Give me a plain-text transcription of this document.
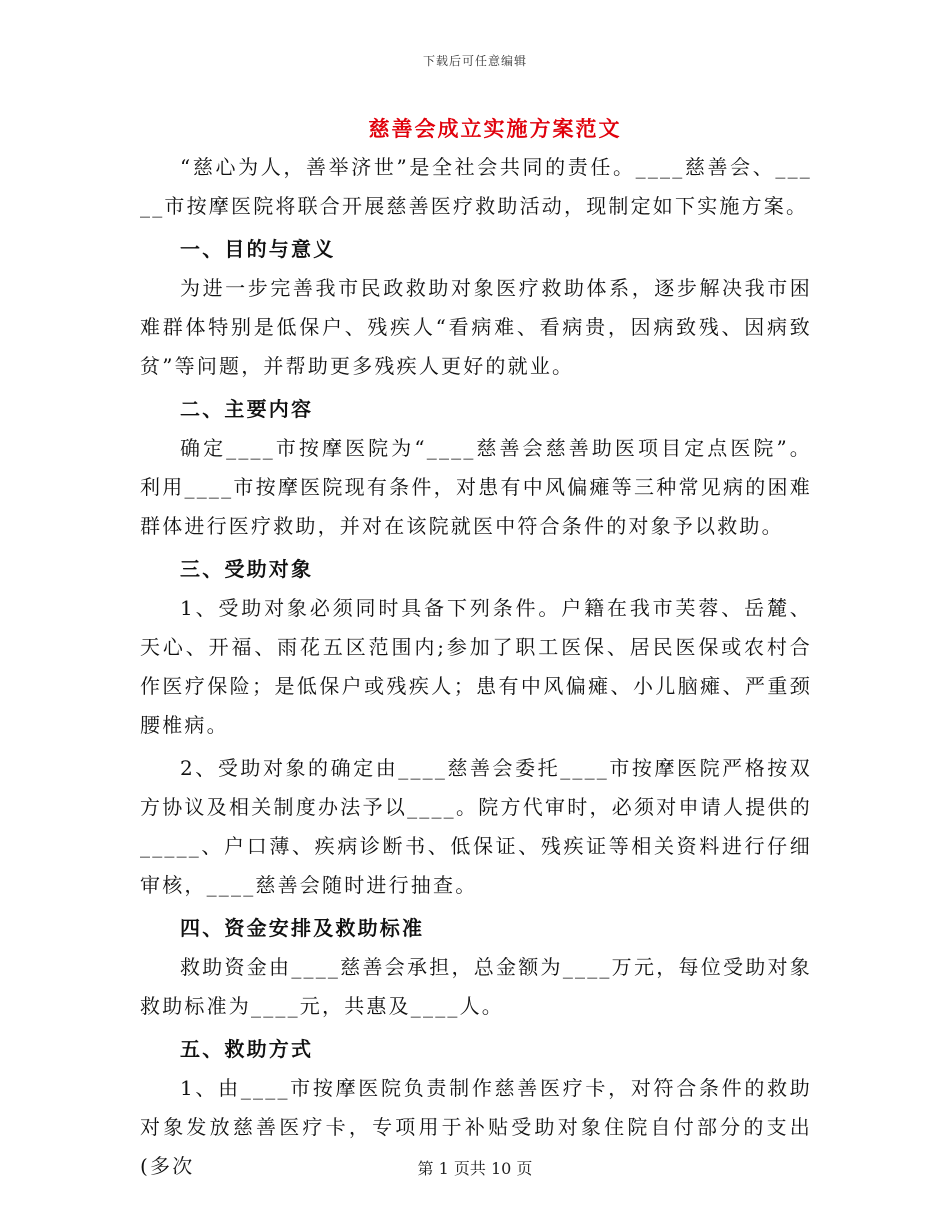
下载后可任意编辑
慈善会成立实施方案范文

“慈心为人，善举济世”是全社会共同的责任。____慈善会、_____市按摩医院将联合开展慈善医疗救助活动，现制定如下实施方案。

一、目的与意义

为进一步完善我市民政救助对象医疗救助体系，逐步解决我市困难群体特别是低保户、残疾人“看病难、看病贵，因病致残、因病致贫”等问题，并帮助更多残疾人更好的就业。

二、主要内容

确定____市按摩医院为“____慈善会慈善助医项目定点医院”。利用____市按摩医院现有条件，对患有中风偏瘫等三种常见病的困难群体进行医疗救助，并对在该院就医中符合条件的对象予以救助。

三、受助对象

1、受助对象必须同时具备下列条件。户籍在我市芙蓉、岳麓、天心、开福、雨花五区范围内;参加了职工医保、居民医保或农村合作医疗保险；是低保户或残疾人；患有中风偏瘫、小儿脑瘫、严重颈腰椎病。

2、受助对象的确定由____慈善会委托____市按摩医院严格按双方协议及相关制度办法予以____。院方代审时，必须对申请人提供的_____、户口薄、疾病诊断书、低保证、残疾证等相关资料进行仔细审核，____慈善会随时进行抽查。

四、资金安排及救助标准

救助资金由____慈善会承担，总金额为____万元，每位受助对象救助标准为____元，共惠及____人。

五、救助方式

1、由____市按摩医院负责制作慈善医疗卡，对符合条件的救助对象发放慈善医疗卡，专项用于补贴受助对象住院自付部分的支出(多次	第 1 页共 10 页
